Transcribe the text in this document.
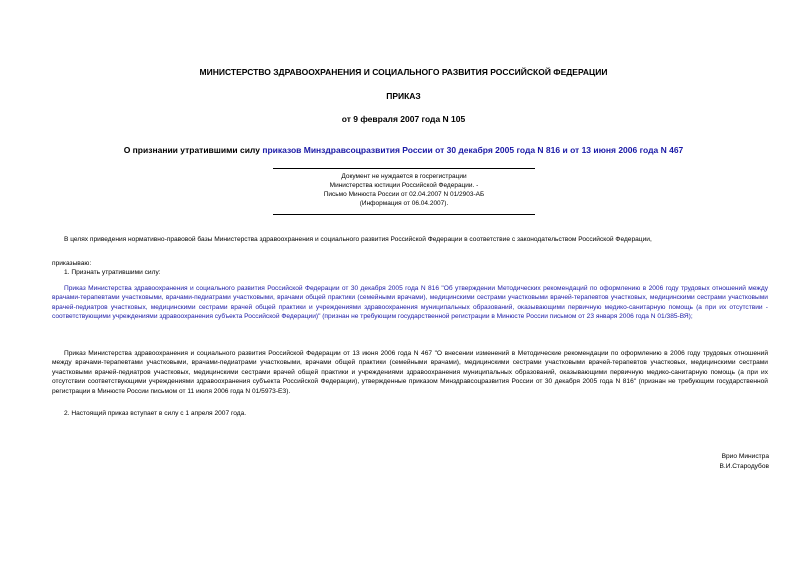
МИНИСТЕРСТВО ЗДРАВООХРАНЕНИЯ И СОЦИАЛЬНОГО РАЗВИТИЯ РОССИЙСКОЙ ФЕДЕРАЦИИ
ПРИКАЗ
от 9 февраля 2007 года N 105
О признании утратившими силу приказов Минздравсоцразвития России от 30 декабря 2005 года N 816 и от 13 июня 2006 года N 467
Документ не нуждается в госрегистрации
Министерства юстиции Российской Федерации. -
Письмо Минюста России от 02.04.2007 N 01/2903-АБ
(Информация от 06.04.2007).
В целях приведения нормативно-правовой базы Министерства здравоохранения и социального развития Российской Федерации в соответствие с законодательством Российской Федерации,
приказываю:
1. Признать утратившими силу:
Приказ Министерства здравоохранения и социального развития Российской Федерации от 30 декабря 2005 года N 816 "Об утверждении Методических рекомендаций по оформлению в 2006 году трудовых отношений между врачами-терапевтами участковыми, врачами-педиатрами участковыми, врачами общей практики (семейными врачами), медицинскими сестрами участковыми врачей-терапевтов участковых, медицинскими сестрами участковыми врачей-педиатров участковых, медицинскими сестрами врачей общей практики и учреждениями здравоохранения муниципальных образований, оказывающими первичную медико-санитарную помощь (а при их отсутствии - соответствующими учреждениями здравоохранения субъекта Российской Федерации)" (признан не требующим государственной регистрации в Минюсте России письмом от 23 января 2006 года N 01/385-ВЯ);
Приказ Министерства здравоохранения и социального развития Российской Федерации от 13 июня 2006 года N 467 "О внесении изменений в Методические рекомендации по оформлению в 2006 году трудовых отношений между врачами-терапевтами участковыми, врачами-педиатрами участковыми, врачами общей практики (семейными врачами), медицинскими сестрами участковыми врачей-терапевтов участковых, медицинскими сестрами участковыми врачей-педиатров участковых, медицинскими сестрами врачей общей практики и учреждениями здравоохранения муниципальных образований, оказывающими первичную медико-санитарную помощь (а при их отсутствии соответствующими учреждениями здравоохранения субъекта Российской Федерации), утвержденные приказом Минздравсоцразвития России от 30 декабря 2005 года N 816" (признан не требующим государственной регистрации в Минюсте России письмом от 11 июля 2006 года N 01/5973-ЕЗ).
2. Настоящий приказ вступает в силу с 1 апреля 2007 года.
Врио Министра
В.И.Стародубов
